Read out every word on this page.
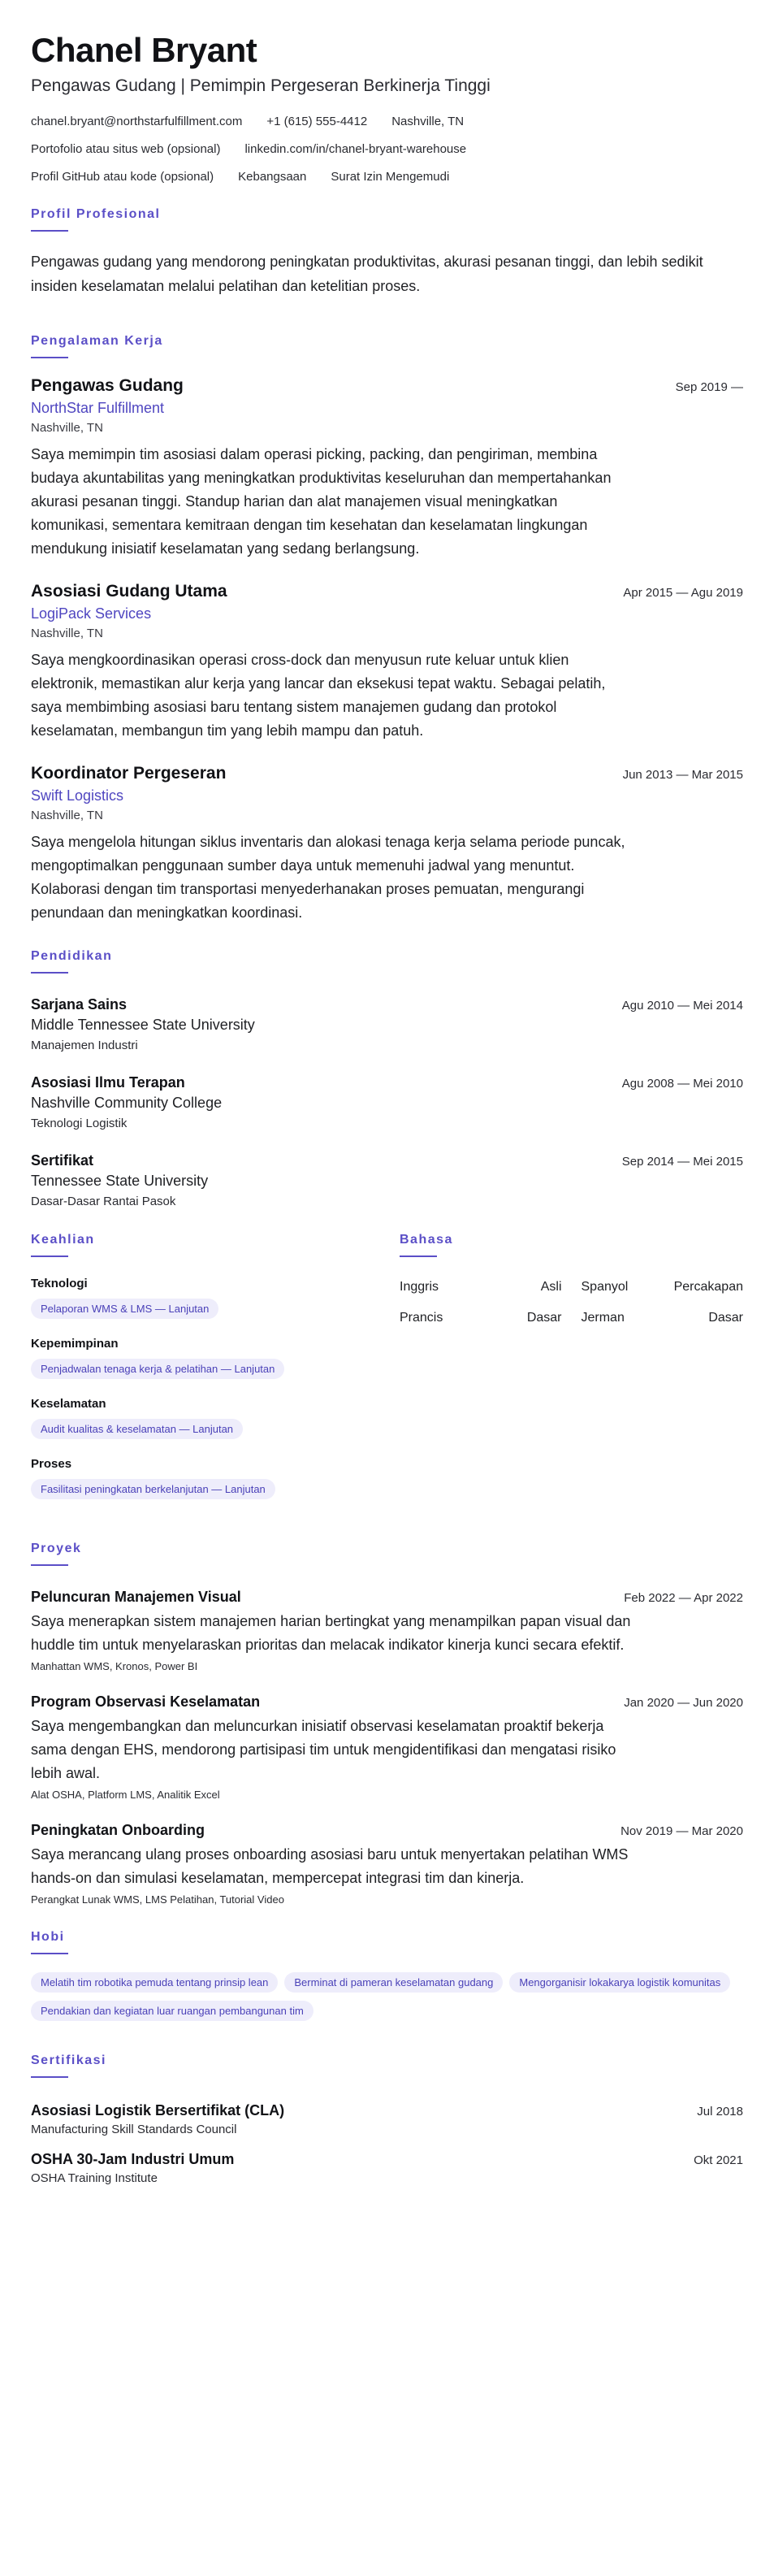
Chanel Bryant
Pengawas Gudang | Pemimpin Pergeseran Berkinerja Tinggi
chanel.bryant@northstarfulfillment.com +1 (615) 555-4412 Nashville, TN
Portofolio atau situs web (opsional) linkedin.com/in/chanel-bryant-warehouse
Profil GitHub atau kode (opsional) Kebangsaan Surat Izin Mengemudi
Profil Profesional
Pengawas gudang yang mendorong peningkatan produktivitas, akurasi pesanan tinggi, dan lebih sedikit insiden keselamatan melalui pelatihan dan ketelitian proses.
Pengalaman Kerja
Pengawas Gudang	Sep 2019 —
NorthStar Fulfillment
Nashville, TN
Saya memimpin tim asosiasi dalam operasi picking, packing, dan pengiriman, membina budaya akuntabilitas yang meningkatkan produktivitas keseluruhan dan mempertahankan akurasi pesanan tinggi. Standup harian dan alat manajemen visual meningkatkan komunikasi, sementara kemitraan dengan tim kesehatan dan keselamatan lingkungan mendukung inisiatif keselamatan yang sedang berlangsung.
Asosiasi Gudang Utama	Apr 2015 — Agu 2019
LogiPack Services
Nashville, TN
Saya mengkoordinasikan operasi cross-dock dan menyusun rute keluar untuk klien elektronik, memastikan alur kerja yang lancar dan eksekusi tepat waktu. Sebagai pelatih, saya membimbing asosiasi baru tentang sistem manajemen gudang dan protokol keselamatan, membangun tim yang lebih mampu dan patuh.
Koordinator Pergeseran	Jun 2013 — Mar 2015
Swift Logistics
Nashville, TN
Saya mengelola hitungan siklus inventaris dan alokasi tenaga kerja selama periode puncak, mengoptimalkan penggunaan sumber daya untuk memenuhi jadwal yang menuntut. Kolaborasi dengan tim transportasi menyederhanakan proses pemuatan, mengurangi penundaan dan meningkatkan koordinasi.
Pendidikan
Sarjana Sains	Agu 2010 — Mei 2014
Middle Tennessee State University
Manajemen Industri
Asosiasi Ilmu Terapan	Agu 2008 — Mei 2010
Nashville Community College
Teknologi Logistik
Sertifikat	Sep 2014 — Mei 2015
Tennessee State University
Dasar-Dasar Rantai Pasok
Keahlian
Teknologi
Pelaporan WMS & LMS — Lanjutan
Kepemimpinan
Penjadwalan tenaga kerja & pelatihan — Lanjutan
Keselamatan
Audit kualitas & keselamatan — Lanjutan
Proses
Fasilitasi peningkatan berkelanjutan — Lanjutan
Bahasa
Inggris	Asli Spanyol	Percakapan
Prancis	Dasar Jerman	Dasar
Proyek
Peluncuran Manajemen Visual	Feb 2022 — Apr 2022
Saya menerapkan sistem manajemen harian bertingkat yang menampilkan papan visual dan huddle tim untuk menyelaraskan prioritas dan melacak indikator kinerja kunci secara efektif.
Manhattan WMS, Kronos, Power BI
Program Observasi Keselamatan	Jan 2020 — Jun 2020
Saya mengembangkan dan meluncurkan inisiatif observasi keselamatan proaktif bekerja sama dengan EHS, mendorong partisipasi tim untuk mengidentifikasi dan mengatasi risiko lebih awal.
Alat OSHA, Platform LMS, Analitik Excel
Peningkatan Onboarding	Nov 2019 — Mar 2020
Saya merancang ulang proses onboarding asosiasi baru untuk menyertakan pelatihan WMS hands-on dan simulasi keselamatan, mempercepat integrasi tim dan kinerja.
Perangkat Lunak WMS, LMS Pelatihan, Tutorial Video
Hobi
Melatih tim robotika pemuda tentang prinsip lean	Berminat di pameran keselamatan gudang	Mengorganisir lokakarya logistik komunitas
Pendakian dan kegiatan luar ruangan pembangunan tim
Sertifikasi
Asosiasi Logistik Bersertifikat (CLA)	Jul 2018
Manufacturing Skill Standards Council
OSHA 30-Jam Industri Umum	Okt 2021
OSHA Training Institute
